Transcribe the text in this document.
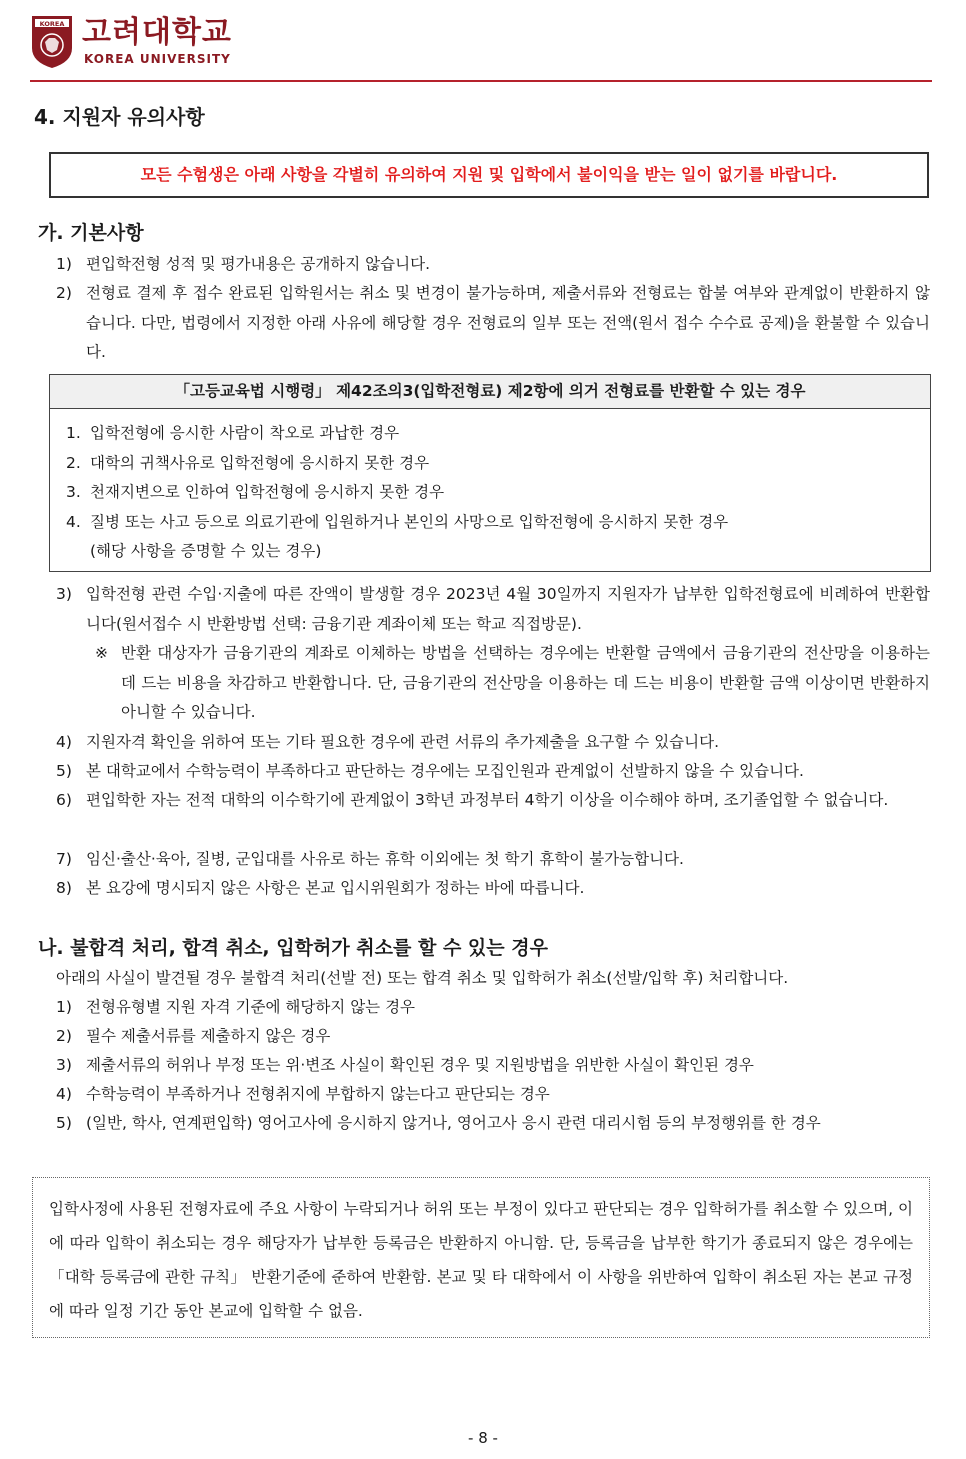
KOREA 고려대학교
KOREA UNIVERSITY
4. 지원자 유의사항
모든 수험생은 아래 사항을 각별히 유의하여 지원 및 입학에서 불이익을 받는 일이 없기를 바랍니다.
가. 기본사항
1) 편입학전형 성적 및 평가내용은 공개하지 않습니다.
2) 전형료 결제 후 접수 완료된 입학원서는 취소 및 변경이 불가능하며, 제출서류와 전형료는 합불 여부와 관계없이 반환하지 않습니다. 다만, 법령에서 지정한 아래 사유에 해당할 경우 전형료의 일부 또는 전액(원서 접수 수수료 공제)을 환불할 수 있습니다.
「고등교육법 시행령」 제42조의3(입학전형료) 제2항에 의거 전형료를 반환할 수 있는 경우
1. 입학전형에 응시한 사람이 착오로 과납한 경우
2. 대학의 귀책사유로 입학전형에 응시하지 못한 경우
3. 천재지변으로 인하여 입학전형에 응시하지 못한 경우
4. 질병 또는 사고 등으로 의료기관에 입원하거나 본인의 사망으로 입학전형에 응시하지 못한 경우
(해당 사항을 증명할 수 있는 경우)
3) 입학전형 관련 수입·지출에 따른 잔액이 발생할 경우 2023년 4월 30일까지 지원자가 납부한 입학전형료에 비례하여 반환합니다(원서접수 시 반환방법 선택: 금융기관 계좌이체 또는 학교 직접방문).
※ 반환 대상자가 금융기관의 계좌로 이체하는 방법을 선택하는 경우에는 반환할 금액에서 금융기관의 전산망을 이용하는 데 드는 비용을 차감하고 반환합니다. 단, 금융기관의 전산망을 이용하는 데 드는 비용이 반환할 금액 이상이면 반환하지 아니할 수 있습니다.
4) 지원자격 확인을 위하여 또는 기타 필요한 경우에 관련 서류의 추가제출을 요구할 수 있습니다.
5) 본 대학교에서 수학능력이 부족하다고 판단하는 경우에는 모집인원과 관계없이 선발하지 않을 수 있습니다.
6) 편입학한 자는 전적 대학의 이수학기에 관계없이 3학년 과정부터 4학기 이상을 이수해야 하며, 조기졸업할 수 없습니다.
7) 임신·출산·육아, 질병, 군입대를 사유로 하는 휴학 이외에는 첫 학기 휴학이 불가능합니다.
8) 본 요강에 명시되지 않은 사항은 본교 입시위원회가 정하는 바에 따릅니다.
나. 불합격 처리, 합격 취소, 입학허가 취소를 할 수 있는 경우
아래의 사실이 발견될 경우 불합격 처리(선발 전) 또는 합격 취소 및 입학허가 취소(선발/입학 후) 처리합니다.
1) 전형유형별 지원 자격 기준에 해당하지 않는 경우
2) 필수 제출서류를 제출하지 않은 경우
3) 제출서류의 허위나 부정 또는 위·변조 사실이 확인된 경우 및 지원방법을 위반한 사실이 확인된 경우
4) 수학능력이 부족하거나 전형취지에 부합하지 않는다고 판단되는 경우
5) (일반, 학사, 연계편입학) 영어고사에 응시하지 않거나, 영어고사 응시 관련 대리시험 등의 부정행위를 한 경우
입학사정에 사용된 전형자료에 주요 사항이 누락되거나 허위 또는 부정이 있다고 판단되는 경우 입학허가를 취소할 수 있으며, 이에 따라 입학이 취소되는 경우 해당자가 납부한 등록금은 반환하지 아니함. 단, 등록금을 납부한 학기가 종료되지 않은 경우에는 「대학 등록금에 관한 규칙」 반환기준에 준하여 반환함. 본교 및 타 대학에서 이 사항을 위반하여 입학이 취소된 자는 본교 규정에 따라 일정 기간 동안 본교에 입학할 수 없음.
- 8 -
